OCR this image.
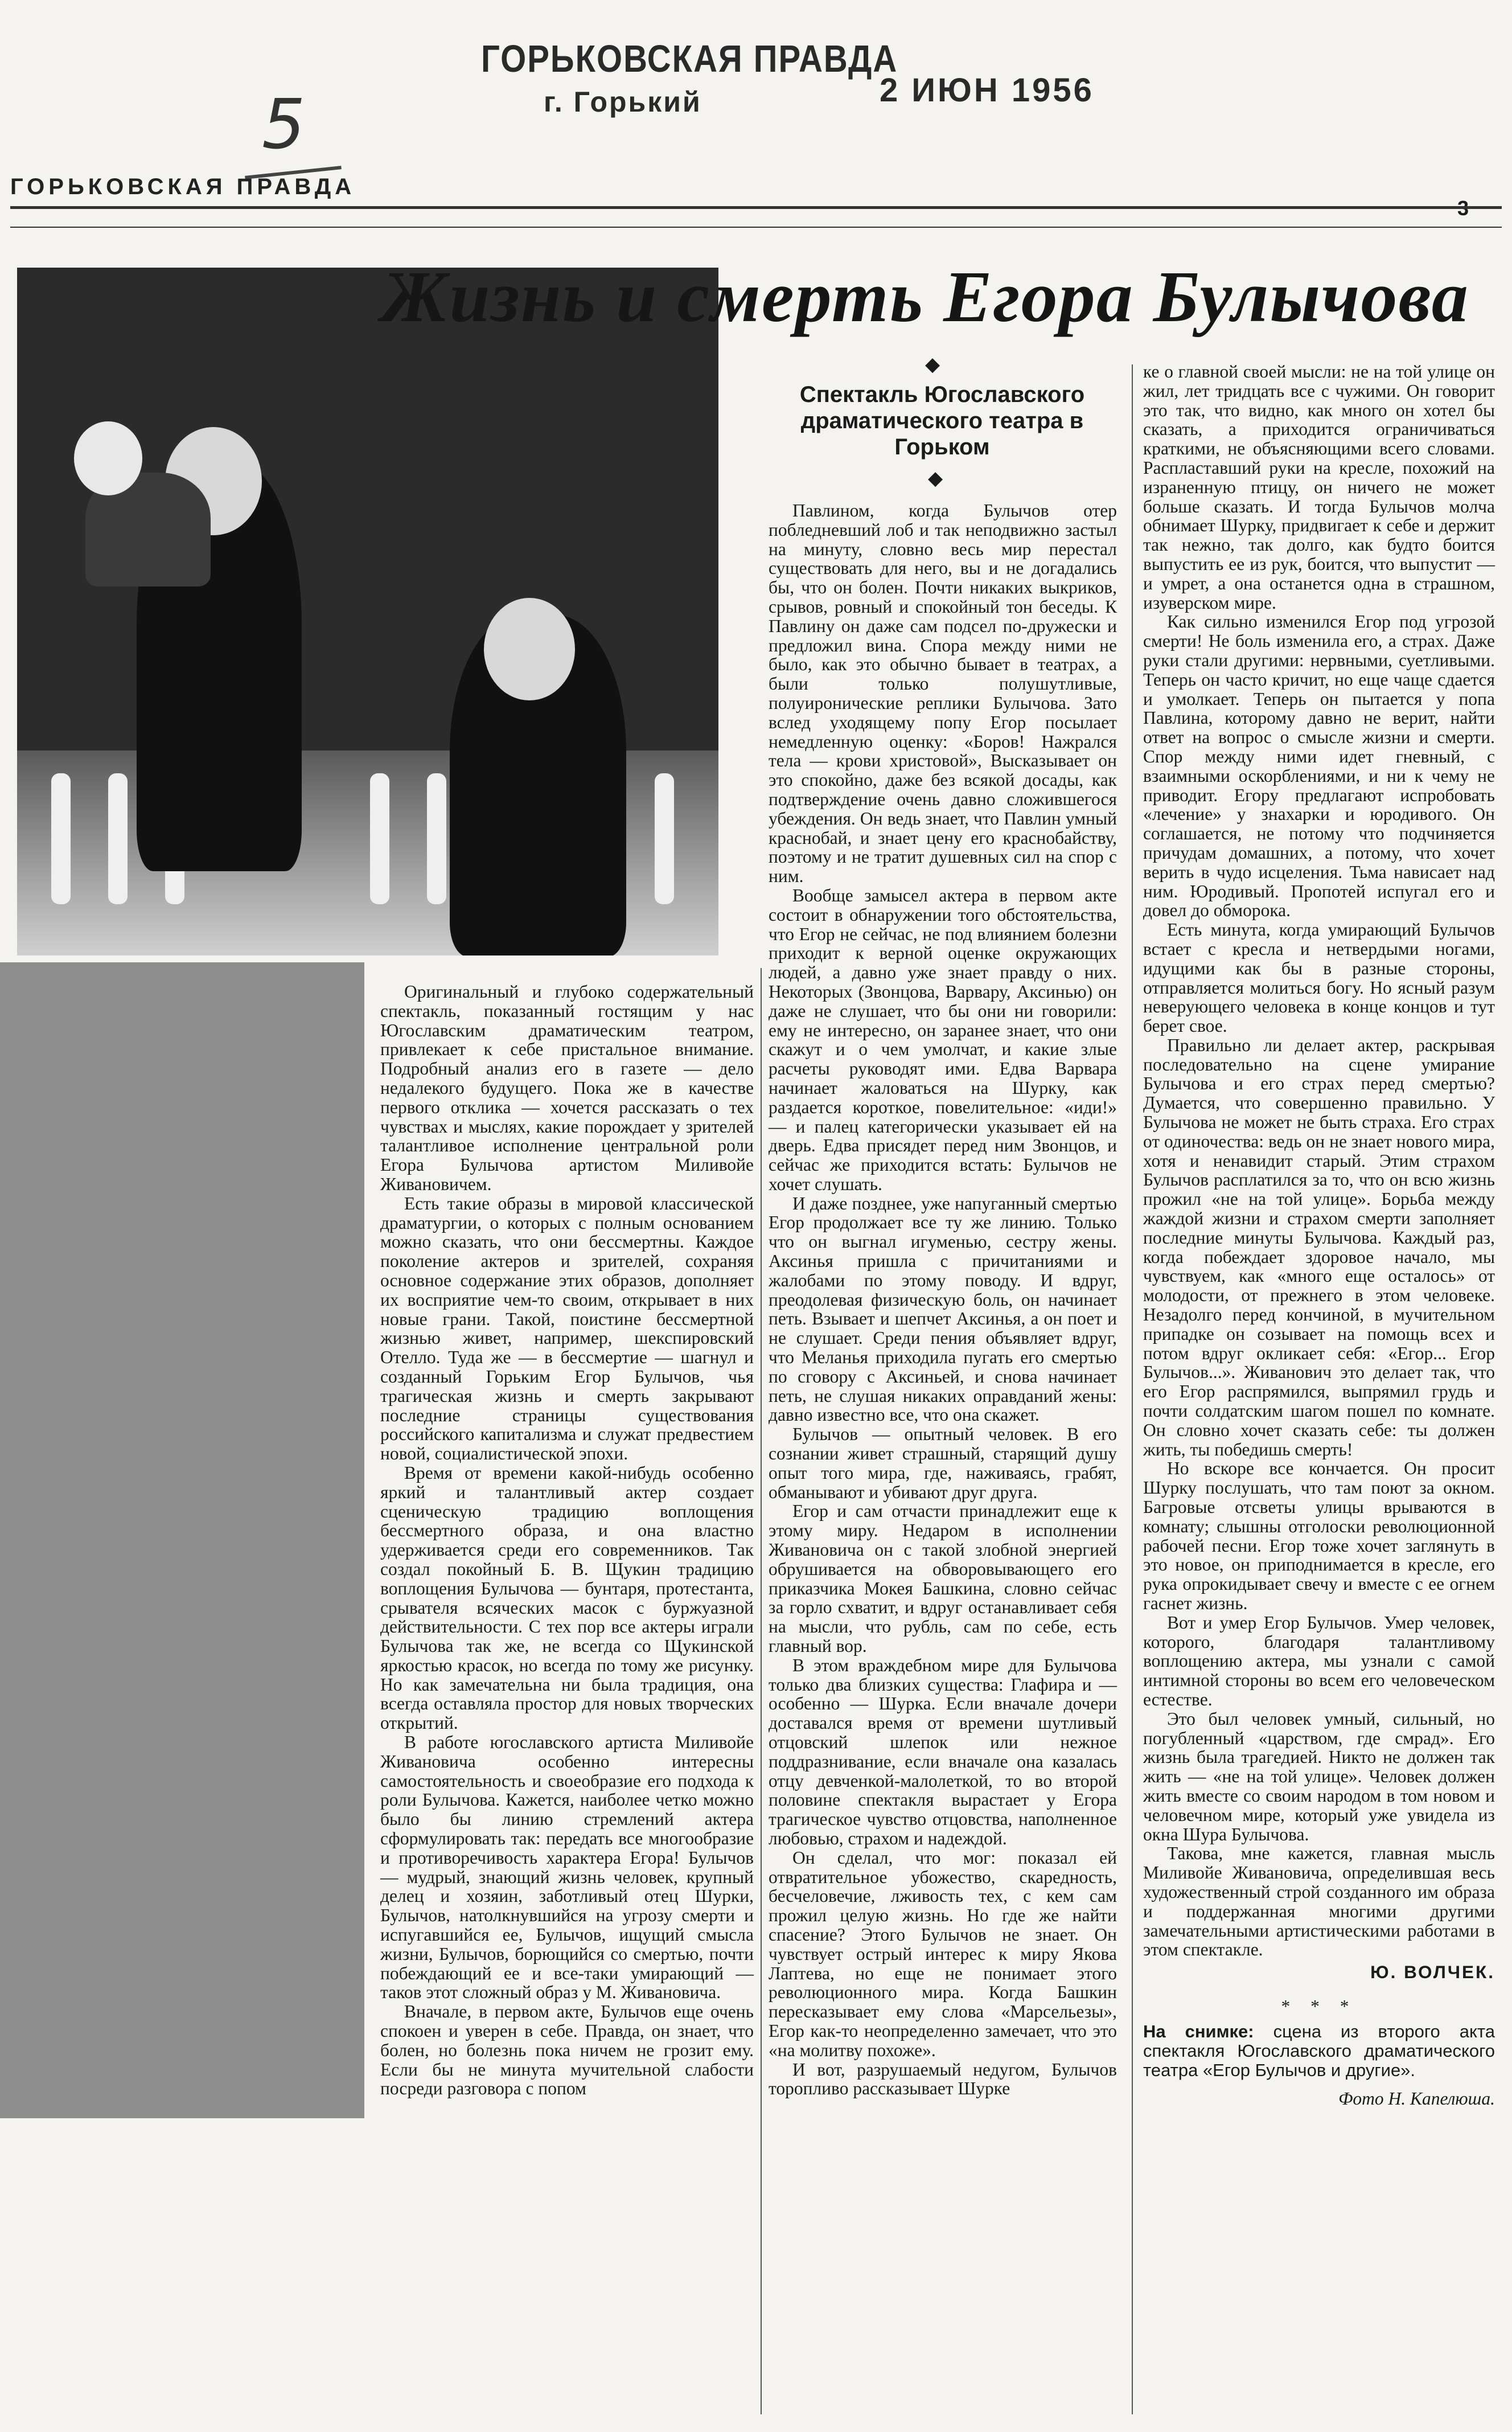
ГОРЬКОВСКАЯ ПРАВДА
г. Горький	2 ИЮН 1956
5
ГОРЬКОВСКАЯ ПРАВДА
Жизнь и смерть Егора Булычова
◆
Спектакль Югославского драматического театра в Горьком
◆

Оригинальный и глубоко содержательный спектакль, показанный гостящим у нас Югославским драматическим театром, привлекает к себе пристальное внимание. Подробный анализ его в газете — дело недалекого будущего. Пока же в качестве первого отклика — хочется рассказать о тех чувствах и мыслях, какие порождает у зрителей талантливое исполнение центральной роли Егора Булычова артистом Миливойе Живановичем.

Есть такие образы в мировой классической драматургии, о которых с полным основанием можно сказать, что они бессмертны. Каждое поколение актеров и зрителей, сохраняя основное содержание этих образов, дополняет их восприятие чем-то своим, открывает в них новые грани. Такой, поистине бессмертной жизнью живет, например, шекспировский Отелло. Туда же — в бессмертие — шагнул и созданный Горьким Егор Булычов, чья трагическая жизнь и смерть закрывают последние страницы существования российского капитализма и служат предвестием новой, социалистической эпохи.

Время от времени какой-нибудь особенно яркий и талантливый актер создает сценическую традицию воплощения бессмертного образа, и она властно удерживается среди его современников. Так создал покойный Б. В. Щукин традицию воплощения Булычова — бунтаря, протестанта, срывателя всяческих масок с буржуазной действительности. С тех пор все актеры играли Булычова так же, не всегда со Щукинской яркостью красок, но всегда по тому же рисунку. Но как замечательна ни была традиция, она всегда оставляла простор для новых творческих открытий.

В работе югославского артиста Миливойе Живановича особенно интересны самостоятельность и своеобразие его подхода к роли Булычова. Кажется, наиболее четко можно было бы линию стремлений актера сформулировать так: передать все многообразие и противоречивость характера Егора! Булычов — мудрый, знающий жизнь человек, крупный делец и хозяин, заботливый отец Шурки, Булычов, натолкнувшийся на угрозу смерти и испугавшийся ее, Булычов, ищущий смысла жизни, Булычов, борющийся со смертью, почти побеждающий ее и все-таки умирающий — таков этот сложный образ у М. Живановича.

Вначале, в первом акте, Булычов еще очень спокоен и уверен в себе. Правда, он знает, что болен, но болезнь пока ничем не грозит ему. Если бы не минута мучительной слабости посреди разговора с попом

Павлином, когда Булычов отер побледневший лоб и так неподвижно застыл на минуту, словно весь мир перестал существовать для него, вы и не догадались бы, что он болен. Почти никаких выкриков, срывов, ровный и спокойный тон беседы. К Павлину он даже сам подсел по-дружески и предложил вина. Спора между ними не было, как это обычно бывает в театрах, а были только полушутливые, полуиронические реплики Булычова. Зато вслед уходящему попу Егор посылает немедленную оценку: «Боров! Нажрался тела — крови христовой», Высказывает он это спокойно, даже без всякой досады, как подтверждение очень давно сложившегося убеждения. Он ведь знает, что Павлин умный краснобай, и знает цену его краснобайству, поэтому и не тратит душевных сил на спор с ним.

Вообще замысел актера в первом акте состоит в обнаружении того обстоятельства, что Егор не сейчас, не под влиянием болезни приходит к верной оценке окружающих людей, а давно уже знает правду о них. Некоторых (Звонцова, Варвару, Аксинью) он даже не слушает, что бы они ни говорили: ему не интересно, он заранее знает, что они скажут и о чем умолчат, и какие злые расчеты руководят ими. Едва Варвара начинает жаловаться на Шурку, как раздается короткое, повелительное: «иди!» — и палец категорически указывает ей на дверь. Едва присядет перед ним Звонцов, и сейчас же приходится встать: Булычов не хочет слушать.

И даже позднее, уже напуганный смертью Егор продолжает все ту же линию. Только что он выгнал игуменью, сестру жены. Аксинья пришла с причитаниями и жалобами по этому поводу. И вдруг, преодолевая физическую боль, он начинает петь. Взывает и шепчет Аксинья, а он поет и не слушает. Среди пения объявляет вдруг, что Меланья приходила пугать его смертью по сговору с Аксиньей, и снова начинает петь, не слушая никаких оправданий жены: давно известно все, что она скажет.

Булычов — опытный человек. В его сознании живет страшный, старящий душу опыт того мира, где, наживаясь, грабят, обманывают и убивают друг друга.

Егор и сам отчасти принадлежит еще к этому миру. Недаром в исполнении Живановича он с такой злобной энергией обрушивается на обворовывающего его приказчика Мокея Башкина, словно сейчас за горло схватит, и вдруг останавливает себя на мысли, что рубль, сам по себе, есть главный вор.

В этом враждебном мире для Булычова только два близких существа: Глафира и — особенно — Шурка. Если вначале дочери доставался время от времени шутливый отцовский шлепок или нежное поддразнивание, если вначале она казалась отцу девченкой-малолеткой, то во второй половине спектакля вырастает у Егора трагическое чувство отцовства, наполненное любовью, страхом и надеждой.

Он сделал, что мог: показал ей отвратительное убожество, скаредность, бесчеловечие, лживость тех, с кем сам прожил целую жизнь. Но где же найти спасение? Этого Булычов не знает. Он чувствует острый интерес к миру Якова Лаптева, но еще не понимает этого революционного мира. Когда Башкин пересказывает ему слова «Марсельезы», Егор как-то неопределенно замечает, что это «на молитву похоже».

И вот, разрушаемый недугом, Булычов торопливо рассказывает Шурке

ке о главной своей мысли: не на той улице он жил, лет тридцать все с чужими. Он говорит это так, что видно, как много он хотел бы сказать, а приходится ограничиваться краткими, не объясняющими всего словами. Распластавший руки на кресле, похожий на израненную птицу, он ничего не может больше сказать. И тогда Булычов молча обнимает Шурку, придвигает к себе и держит так нежно, так долго, как будто боится выпустить ее из рук, боится, что выпустит — и умрет, а она останется одна в страшном, изуверском мире.

Как сильно изменился Егор под угрозой смерти! Не боль изменила его, а страх. Даже руки стали другими: нервными, суетливыми. Теперь он часто кричит, но еще чаще сдается и умолкает. Теперь он пытается у попа Павлина, которому давно не верит, найти ответ на вопрос о смысле жизни и смерти. Спор между ними идет гневный, с взаимными оскорблениями, и ни к чему не приводит. Егору предлагают испробовать «лечение» у знахарки и юродивого. Он соглашается, не потому что подчиняется причудам домашних, а потому, что хочет верить в чудо исцеления. Тьма нависает над ним. Юродивый. Пропотей испугал его и довел до обморока.

Есть минута, когда умирающий Булычов встает с кресла и нетвердыми ногами, идущими как бы в разные стороны, отправляется молиться богу. Но ясный разум неверующего человека в конце концов и тут берет свое.

Правильно ли делает актер, раскрывая последовательно на сцене умирание Булычова и его страх перед смертью? Думается, что совершенно правильно. У Булычова не может не быть страха. Его страх от одиночества: ведь он не знает нового мира, хотя и ненавидит старый. Этим страхом Булычов расплатился за то, что он всю жизнь прожил «не на той улице». Борьба между жаждой жизни и страхом смерти заполняет последние минуты Булычова. Каждый раз, когда побеждает здоровое начало, мы чувствуем, как «много еще осталось» от молодости, от прежнего в этом человеке. Незадолго перед кончиной, в мучительном припадке он созывает на помощь всех и потом вдруг окликает себя: «Егор... Егор Булычов...». Живанович это делает так, что его Егор распрямился, выпрямил грудь и почти солдатским шагом пошел по комнате. Он словно хочет сказать себе: ты должен жить, ты победишь смерть!

Но вскоре все кончается. Он просит Шурку послушать, что там поют за окном. Багровые отсветы улицы врываются в комнату; слышны отголоски революционной рабочей песни. Егор тоже хочет заглянуть в это новое, он приподнимается в кресле, его рука опрокидывает свечу и вместе с ее огнем гаснет жизнь.

Вот и умер Егор Булычов. Умер человек, которого, благодаря талантливому воплощению актера, мы узнали с самой интимной стороны во всем его человеческом естестве.

Это был человек умный, сильный, но погубленный «царством, где смрад». Его жизнь была трагедией. Никто не должен так жить — «не на той улице». Человек должен жить вместе со своим народом в том новом и человечном мире, который уже увидела из окна Шура Булычова.

Такова, мне кажется, главная мысль Миливойе Живановича, определившая весь художественный строй созданного им образа и поддержанная многими другими замечательными артистическими работами в этом спектакле.

Ю. ВОЛЧЕК.
* * *
На снимке: сцена из второго акта спектакля Югославского драматического театра «Егор Булычов и другие».
Фото Н. Капелюша.
